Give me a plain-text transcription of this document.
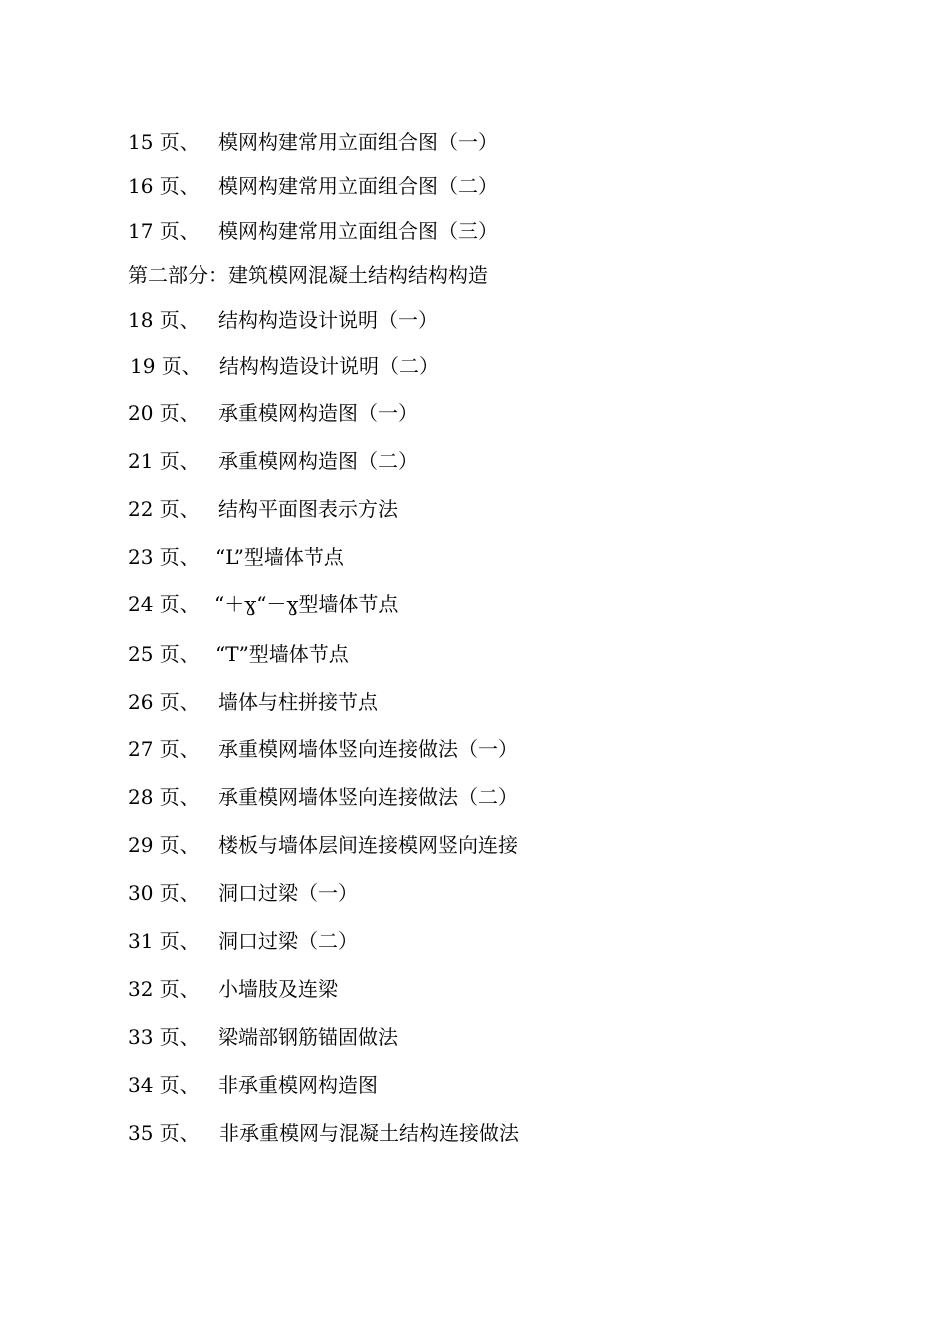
15 页、 模网构建常用立面组合图（一）
16 页、 模网构建常用立面组合图（二）
17 页、 模网构建常用立面组合图（三）
第二部分：建筑模网混凝土结构结构构造
18 页、 结构构造设计说明（一）
19 页、 结构构造设计说明（二）
20 页、 承重模网构造图（一）
21 页、 承重模网构造图（二）
22 页、 结构平面图表示方法
23 页、 “L”型墙体节点
24 页、 “＋ɣ“－ɣ型墙体节点
25 页、 “T”型墙体节点
26 页、 墙体与柱拼接节点
27 页、 承重模网墙体竖向连接做法（一）
28 页、 承重模网墙体竖向连接做法（二）
29 页、 楼板与墙体层间连接模网竖向连接
30 页、 洞口过梁（一）
31 页、 洞口过梁（二）
32 页、 小墙肢及连梁
33 页、 梁端部钢筋锚固做法
34 页、 非承重模网构造图
35 页、 非承重模网与混凝土结构连接做法
